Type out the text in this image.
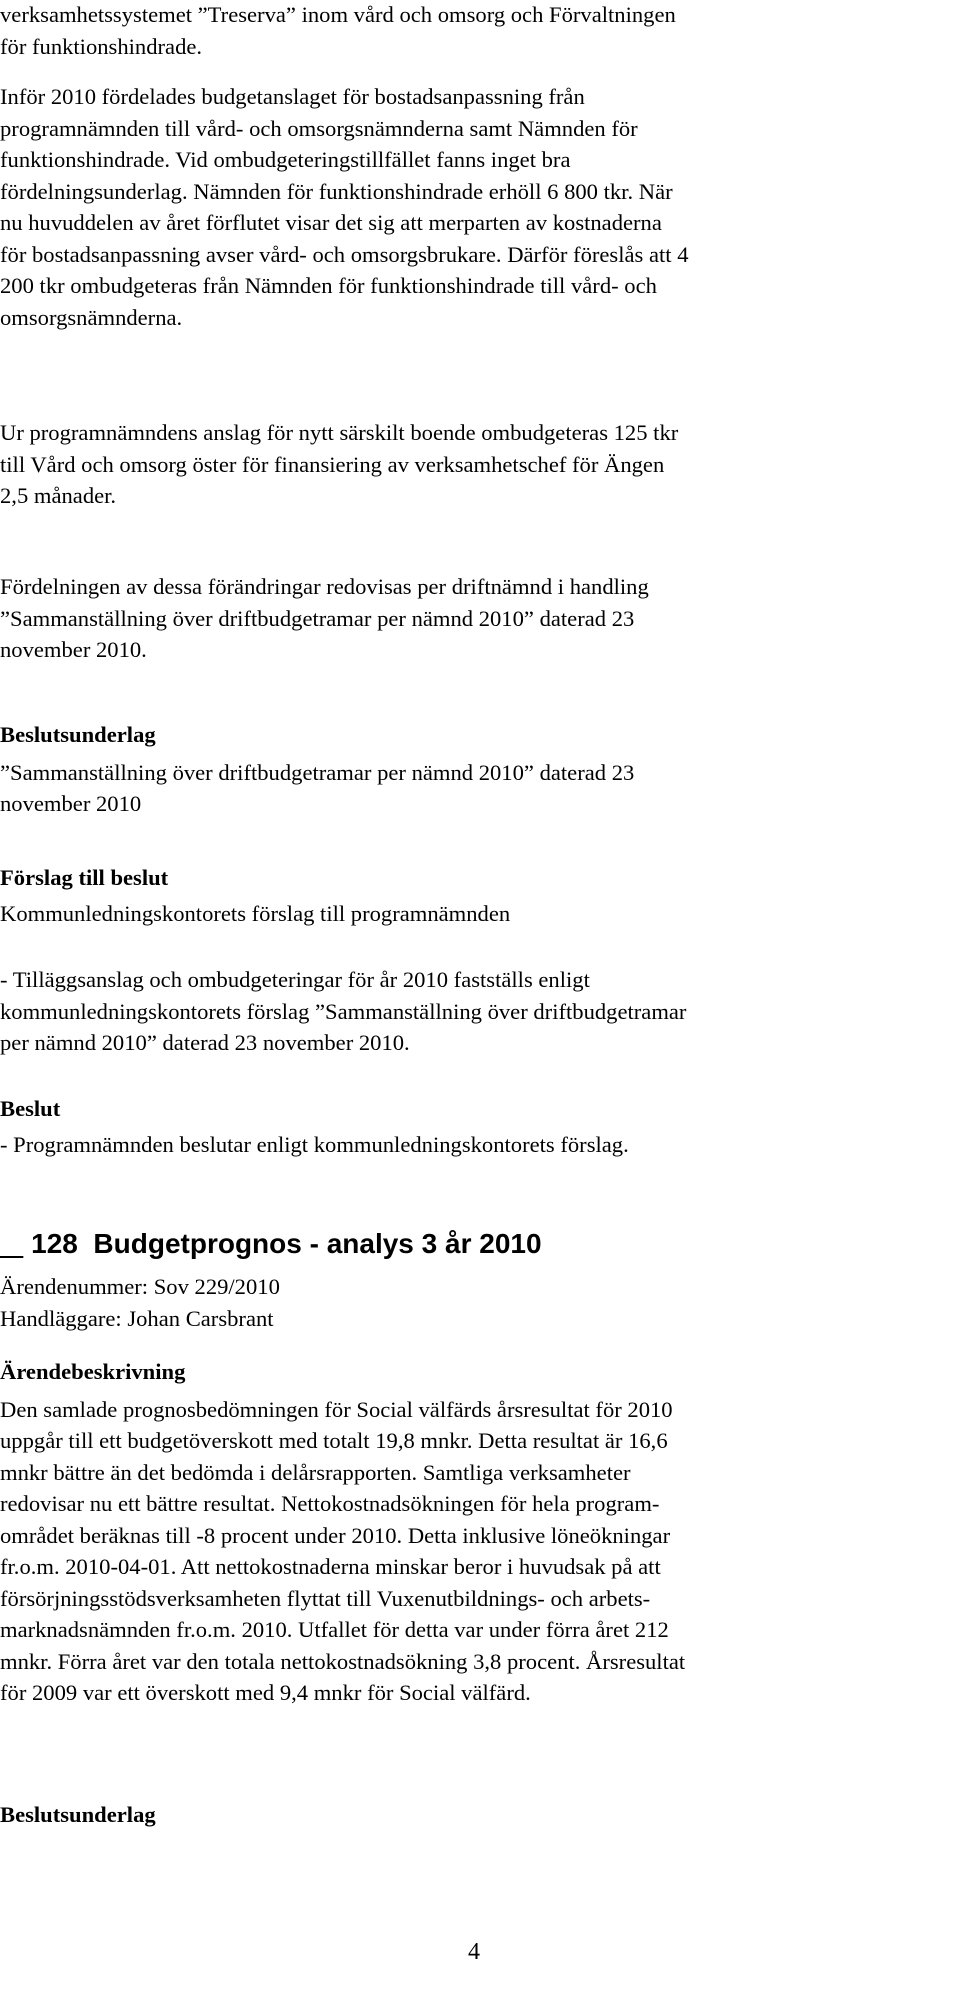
verksamhetssystemet ”Treserva” inom vård och omsorg och Förvaltningen
för funktionshindrade.
Inför 2010 fördelades budgetanslaget för bostadsanpassning från
programnämnden till vård- och omsorgsnämnderna samt Nämnden för
funktionshindrade. Vid ombudgeteringstillfället fanns inget bra
fördelningsunderlag. Nämnden för funktionshindrade erhöll 6 800 tkr. När
nu huvuddelen av året förflutet visar det sig att merparten av kostnaderna
för bostadsanpassning avser vård- och omsorgsbrukare. Därför föreslås att 4
200 tkr ombudgeteras från Nämnden för funktionshindrade till vård- och
omsorgsnämnderna.
Ur programnämndens anslag för nytt särskilt boende ombudgeteras 125 tkr
till Vård och omsorg öster för finansiering av verksamhetschef för Ängen
2,5 månader.
Fördelningen av dessa förändringar redovisas per driftnämnd i handling
”Sammanställning över driftbudgetramar per nämnd 2010” daterad 23
november 2010.
Beslutsunderlag
”Sammanställning över driftbudgetramar per nämnd 2010” daterad 23
november 2010
Förslag till beslut
Kommunledningskontorets förslag till programnämnden
- Tilläggsanslag och ombudgeteringar för år 2010 fastställs enligt
kommunledningskontorets förslag ”Sammanställning över driftbudgetramar
per nämnd 2010” daterad 23 november 2010.
Beslut
- Programnämnden beslutar enligt kommunledningskontorets förslag.
128 Budgetprognos - analys 3 år 2010
Ärendenummer: Sov 229/2010
Handläggare: Johan Carsbrant
Ärendebeskrivning
Den samlade prognosbedömningen för Social välfärds årsresultat för 2010
uppgår till ett budgetöverskott med totalt 19,8 mnkr. Detta resultat är 16,6
mnkr bättre än det bedömda i delårsrapporten. Samtliga verksamheter
redovisar nu ett bättre resultat. Nettokostnadsökningen för hela program-
området beräknas till -8 procent under 2010. Detta inklusive löneökningar
fr.o.m. 2010-04-01. Att nettokostnaderna minskar beror i huvudsak på att
försörjningsstödsverksamheten flyttat till Vuxenutbildnings- och arbets-
marknadsnämnden fr.o.m. 2010. Utfallet för detta var under förra året 212
mnkr. Förra året var den totala nettokostnadsökning 3,8 procent. Årsresultat
för 2009 var ett överskott med 9,4 mnkr för Social välfärd.
Beslutsunderlag
4
